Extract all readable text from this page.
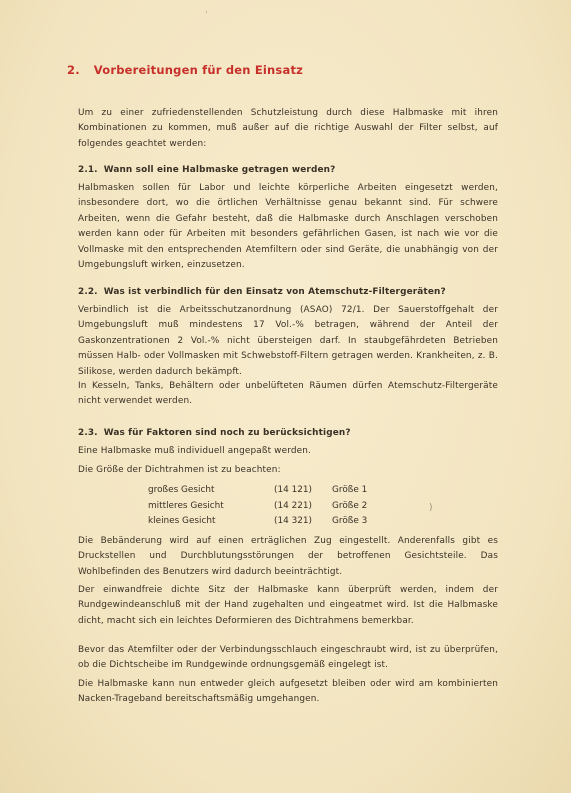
·
)
2. Vorbereitungen für den Einsatz

Um zu einer zufriedenstellenden Schutzleistung durch diese Halbmaske mit ihren Kombinationen zu kommen, muß außer auf die richtige Auswahl der Filter selbst, auf folgendes geachtet werden:

2.1. Wann soll eine Halbmaske getragen werden?

Halbmasken sollen für Labor und leichte körperliche Arbeiten eingesetzt werden, insbesondere dort, wo die örtlichen Verhältnisse genau bekannt sind. Für schwere Arbeiten, wenn die Gefahr besteht, daß die Halbmaske durch Anschlagen verschoben werden kann oder für Arbeiten mit besonders gefährlichen Gasen, ist nach wie vor die Vollmaske mit den entsprechenden Atemfiltern oder sind Geräte, die unabhängig von der Umgebungsluft wirken, einzusetzen.

2.2. Was ist verbindlich für den Einsatz von Atemschutz-Filtergeräten?

Verbindlich ist die Arbeitsschutzanordnung (ASAO) 72/1. Der Sauerstoffgehalt der Umgebungsluft muß mindestens 17 Vol.-% betragen, während der Anteil der Gaskonzentrationen 2 Vol.-% nicht übersteigen darf. In staubgefährdeten Betrieben müssen Halb- oder Vollmasken mit Schwebstoff-Filtern getragen werden. Krankheiten, z. B. Silikose, werden dadurch bekämpft.

In Kesseln, Tanks, Behältern oder unbelüfteten Räumen dürfen Atemschutz-Filtergeräte nicht verwendet werden.

2.3. Was für Faktoren sind noch zu berücksichtigen?

Eine Halbmaske muß individuell angepaßt werden.

Die Größe der Dichtrahmen ist zu beachten:

großes Gesicht	(14 121)	Größe 1
mittleres Gesicht	(14 221)	Größe 2
kleines Gesicht	(14 321)	Größe 3

Die Bebänderung wird auf einen erträglichen Zug eingestellt. Anderenfalls gibt es Druckstellen und Durchblutungsstörungen der betroffenen Gesichtsteile. Das Wohlbefinden des Benutzers wird dadurch beeinträchtigt.

Der einwandfreie dichte Sitz der Halbmaske kann überprüft werden, indem der Rundgewindeanschluß mit der Hand zugehalten und eingeatmet wird. Ist die Halbmaske dicht, macht sich ein leichtes Deformieren des Dichtrahmens bemerkbar.

Bevor das Atemfilter oder der Verbindungsschlauch eingeschraubt wird, ist zu überprüfen, ob die Dichtscheibe im Rundgewinde ordnungsgemäß eingelegt ist.

Die Halbmaske kann nun entweder gleich aufgesetzt bleiben oder wird am kombinierten Nacken-Trageband bereitschaftsmäßig umgehangen.
